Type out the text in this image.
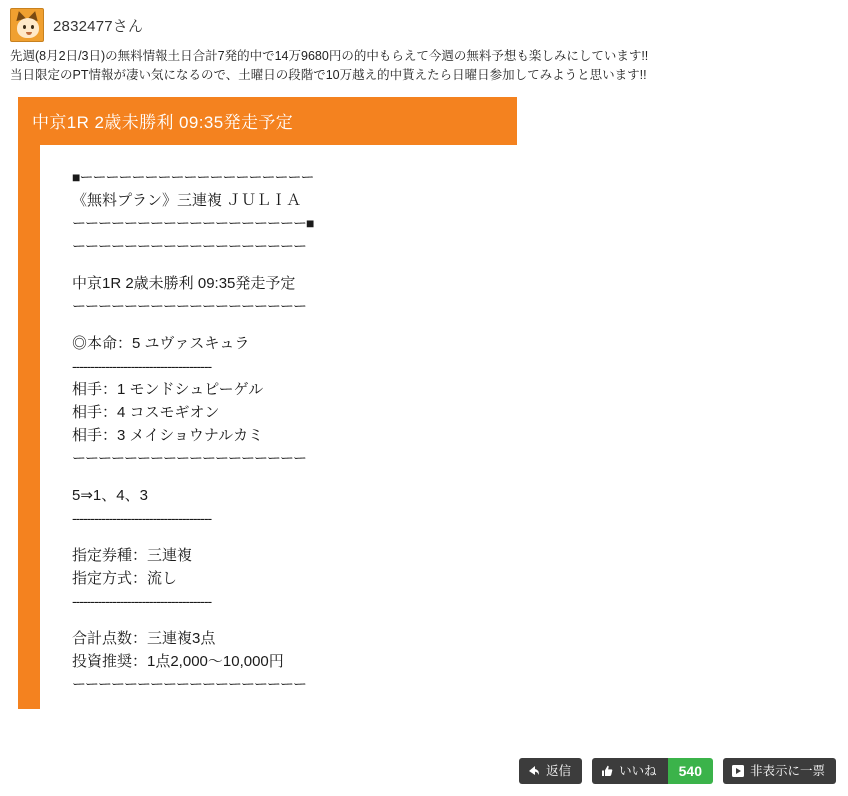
2832477さん
先週(8月2日/3日)の無料情報土日合計7発的中で14万9680円の的中もらえて今週の無料予想も楽しみにしています!!
当日限定のPT情報が凄い気になるので、土曜日の段階で10万越え的中貰えたら日曜日参加してみようと思います!!
中京1R 2歳未勝利 09:35発走予定
■ーーーーーーーーーーーーーーーーーー
《無料プラン》三連複 ＪＵＬＩＡ
ーーーーーーーーーーーーーーーーーー■
ーーーーーーーーーーーーーーーーーー
中京1R 2歳未勝利 09:35発走予定
ーーーーーーーーーーーーーーーーーー
◎本命：5 ユヴァスキュラ
--------------------------------------
相手：1 モンドシュピーゲル
相手：4 コスモギオン
相手：3 メイショウナルカミ
ーーーーーーーーーーーーーーーーーー
5⇒1、4、3
--------------------------------------
指定券種：三連複
指定方式：流し
--------------------------------------
合計点数：三連複3点
投資推奨：1点2,000〜10,000円
ーーーーーーーーーーーーーーーーーー
返信	いいね	540	非表示に一票
